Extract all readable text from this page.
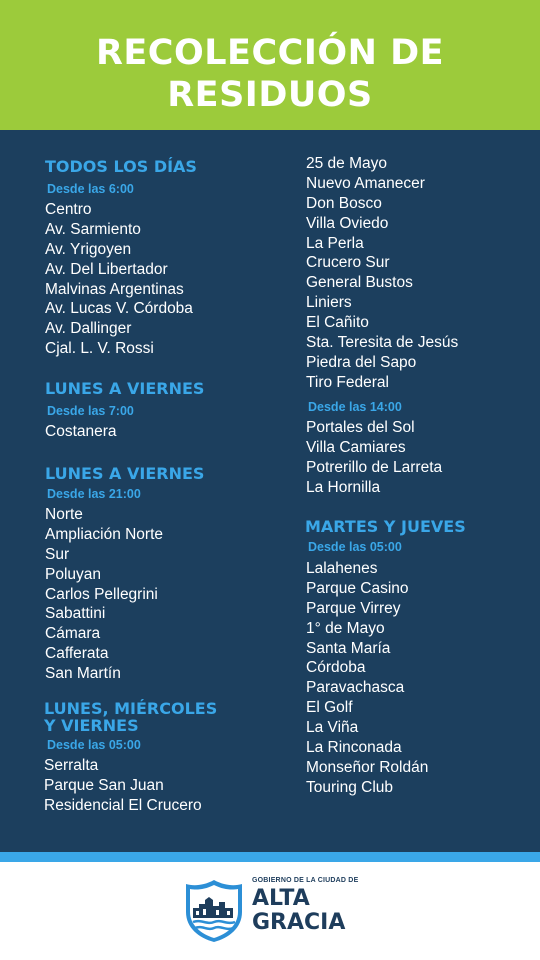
RECOLECCIÓN DE
RESIDUOS
TODOS LOS DÍAS
Desde las 6:00
Centro
Av. Sarmiento
Av. Yrigoyen
Av. Del Libertador
Malvinas Argentinas
Av. Lucas V. Córdoba
Av. Dallinger
Cjal. L. V. Rossi
LUNES A VIERNES
Desde las 7:00
Costanera
LUNES A VIERNES
Desde las 21:00
Norte
Ampliación Norte
Sur
Poluyan
Carlos Pellegrini
Sabattini
Cámara
Cafferata
San Martín
LUNES, MIÉRCOLES
Y VIERNES
Desde las 05:00
Serralta
Parque San Juan
Residencial El Crucero
25 de Mayo
Nuevo Amanecer
Don Bosco
Villa Oviedo
La Perla
Crucero Sur
General Bustos
Liniers
El Cañito
Sta. Teresita de Jesús
Piedra del Sapo
Tiro Federal
Desde las 14:00
Portales del Sol
Villa Camiares
Potrerillo de Larreta
La Hornilla
MARTES Y JUEVES
Desde las 05:00
Lalahenes
Parque Casino
Parque Virrey
1° de Mayo
Santa María
Córdoba
Paravachasca
El Golf
La Viña
La Rinconada
Monseñor Roldán
Touring Club
GOBIERNO DE LA CIUDAD DE
ALTA
GRACIA
